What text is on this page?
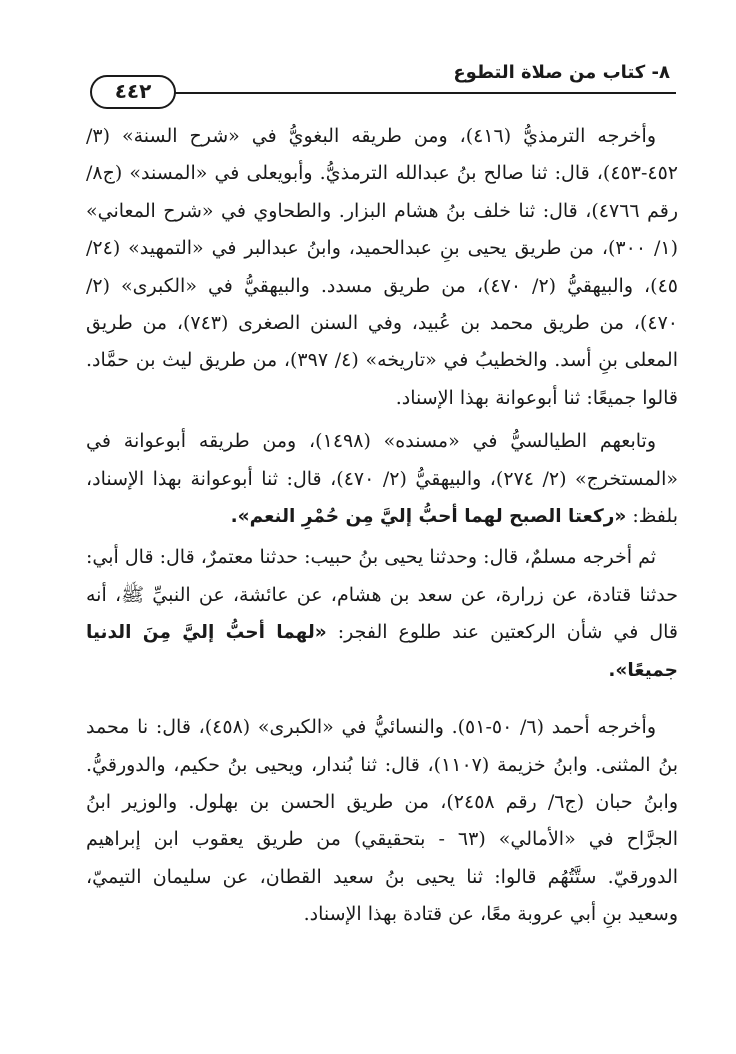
٨- كتاب من صلاة التطوع
٤٤٢

وأخرجه الترمذيُّ (٤١٦)، ومن طريقه البغويُّ في «شرح السنة» (٣/ ٤٥٢-٤٥٣)، قال: ثنا صالح بنُ عبدالله الترمذيُّ. وأبويعلى في «المسند» (ج٨/ رقم ٤٧٦٦)، قال: ثنا خلف بنُ هشام البزار. والطحاوي في «شرح المعاني» (١/ ٣٠٠)، من طريق يحيى بنِ عبدالحميد، وابنُ عبدالبر في «التمهيد» (٢٤/ ٤٥)، والبيهقيُّ (٢/ ٤٧٠)، من طريق مسدد. والبيهقيُّ في «الكبرى» (٢/ ٤٧٠)، من طريق محمد بن عُبيد، وفي السنن الصغرى (٧٤٣)، من طريق المعلى بنِ أسد. والخطيبُ في «تاريخه» (٤/ ٣٩٧)، من طريق ليث بن حمَّاد. قالوا جميعًا: ثنا أبوعوانة بهذا الإسناد.

وتابعهم الطيالسيُّ في «مسنده» (١٤٩٨)، ومن طريقه أبوعوانة في «المستخرج» (٢/ ٢٧٤)، والبيهقيُّ (٢/ ٤٧٠)، قال: ثنا أبوعوانة بهذا الإسناد، بلفظ: «ركعتا الصبح لهما أحبُّ إليَّ مِن حُمْرِ النعم».

ثم أخرجه مسلمٌ، قال: وحدثنا يحيى بنُ حبيب: حدثنا معتمرٌ، قال: قال أبي: حدثنا قتادة، عن زرارة، عن سعد بن هشام، عن عائشة، عن النبيِّ ﷺ، أنه قال في شأن الركعتين عند طلوع الفجر: «لهما أحبُّ إليَّ مِنَ الدنيا جميعًا».

وأخرجه أحمد (٦/ ٥٠-٥١). والنسائيُّ في «الكبرى» (٤٥٨)، قال: نا محمد بنُ المثنى. وابنُ خزيمة (١١٠٧)، قال: ثنا بُندار، ويحيى بنُ حكيم، والدورقيُّ. وابنُ حبان (ج٦/ رقم ٢٤٥٨)، من طريق الحسن بن بهلول. والوزير ابنُ الجرَّاح في «الأمالي» (٦٣ - بتحقيقي) من طريق يعقوب ابن إبراهيم الدورقيّ. ستَّتُهُم قالوا: ثنا يحيى بنُ سعيد القطان، عن سليمان التيميّ، وسعيد بنِ أبي عروبة معًا، عن قتادة بهذا الإسناد.
